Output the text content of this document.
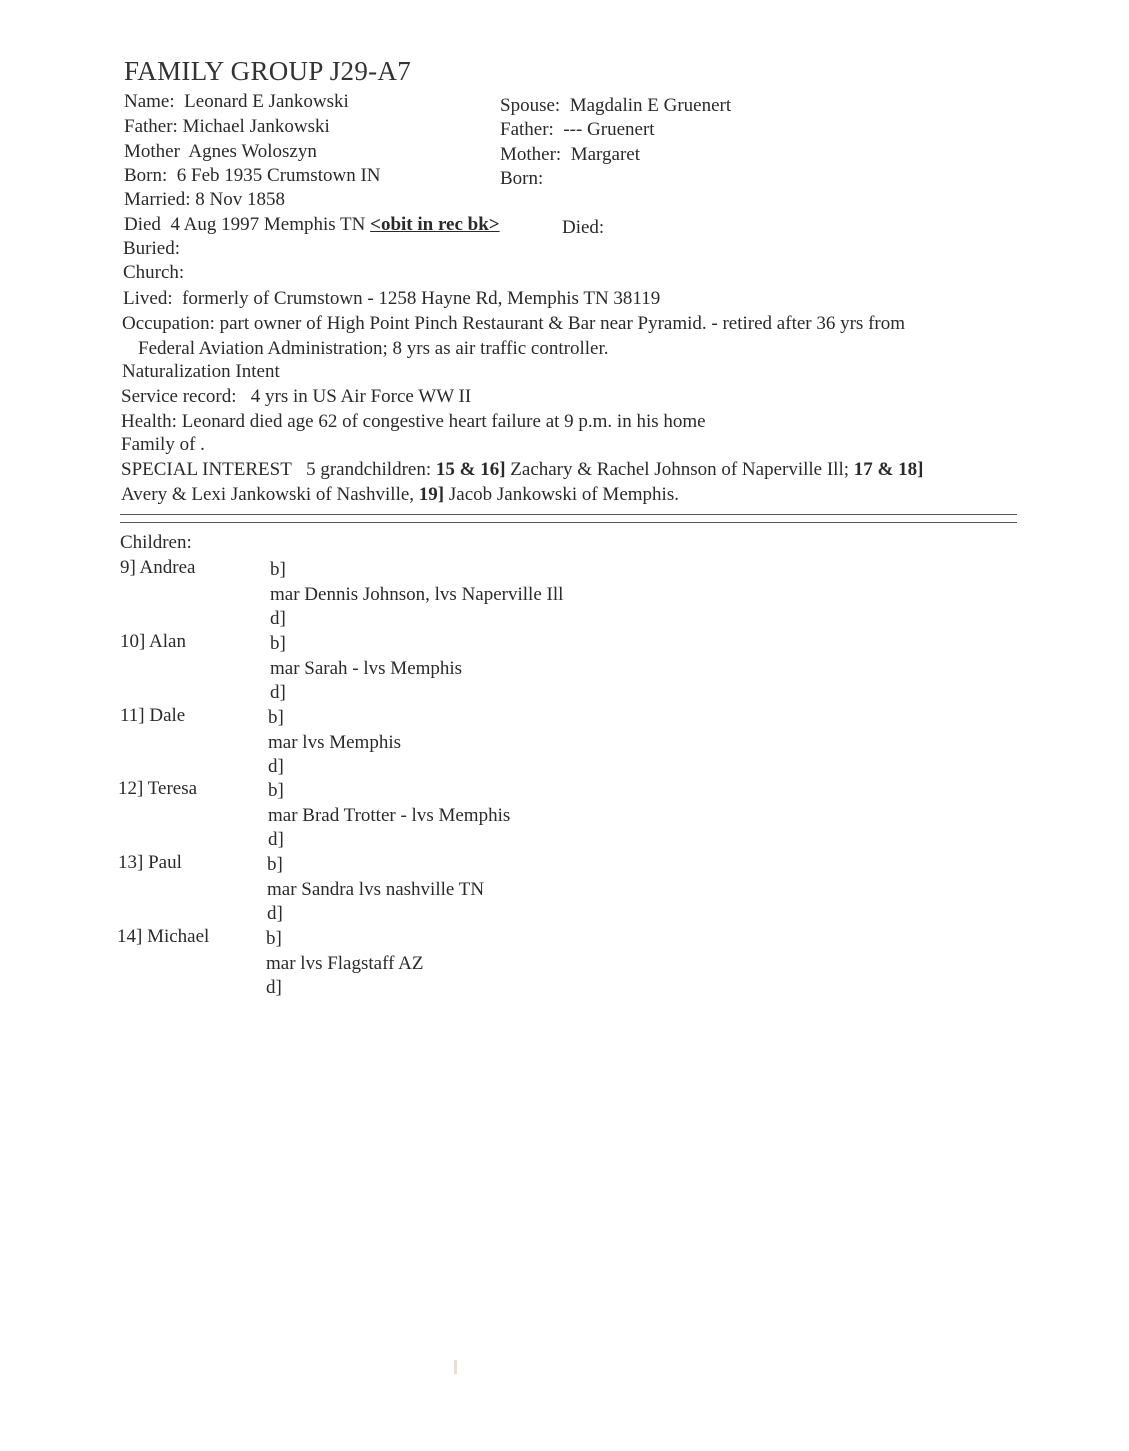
FAMILY GROUP J29-A7
Name: Leonard E Jankowski
Father: Michael Jankowski
Mother Agnes Woloszyn
Born: 6 Feb 1935 Crumstown IN
Married: 8 Nov 1858
Died 4 Aug 1997 Memphis TN <obit in rec bk>
Spouse: Magdalin E Gruenert
Father: --- Gruenert
Mother: Margaret
Born:
Died:
Buried:
Church:
Lived: formerly of Crumstown - 1258 Hayne Rd, Memphis TN 38119
Occupation: part owner of High Point Pinch Restaurant & Bar near Pyramid. - retired after 36 yrs from
Federal Aviation Administration; 8 yrs as air traffic controller.
Naturalization Intent
Service record: 4 yrs in US Air Force WW II
Health: Leonard died age 62 of congestive heart failure at 9 p.m. in his home
Family of .
SPECIAL INTEREST 5 grandchildren: 15 & 16] Zachary & Rachel Johnson of Naperville Ill; 17 & 18]
Avery & Lexi Jankowski of Nashville, 19] Jacob Jankowski of Memphis.
Children:
9] Andrea	b]
mar Dennis Johnson, lvs Naperville Ill
d]
10] Alan	b]
mar Sarah - lvs Memphis
d]
11] Dale	b]
mar lvs Memphis
d]
12] Teresa	b]
mar Brad Trotter - lvs Memphis
d]
13] Paul	b]
mar Sandra lvs nashville TN
d]
14] Michael	b]
mar lvs Flagstaff AZ
d]
